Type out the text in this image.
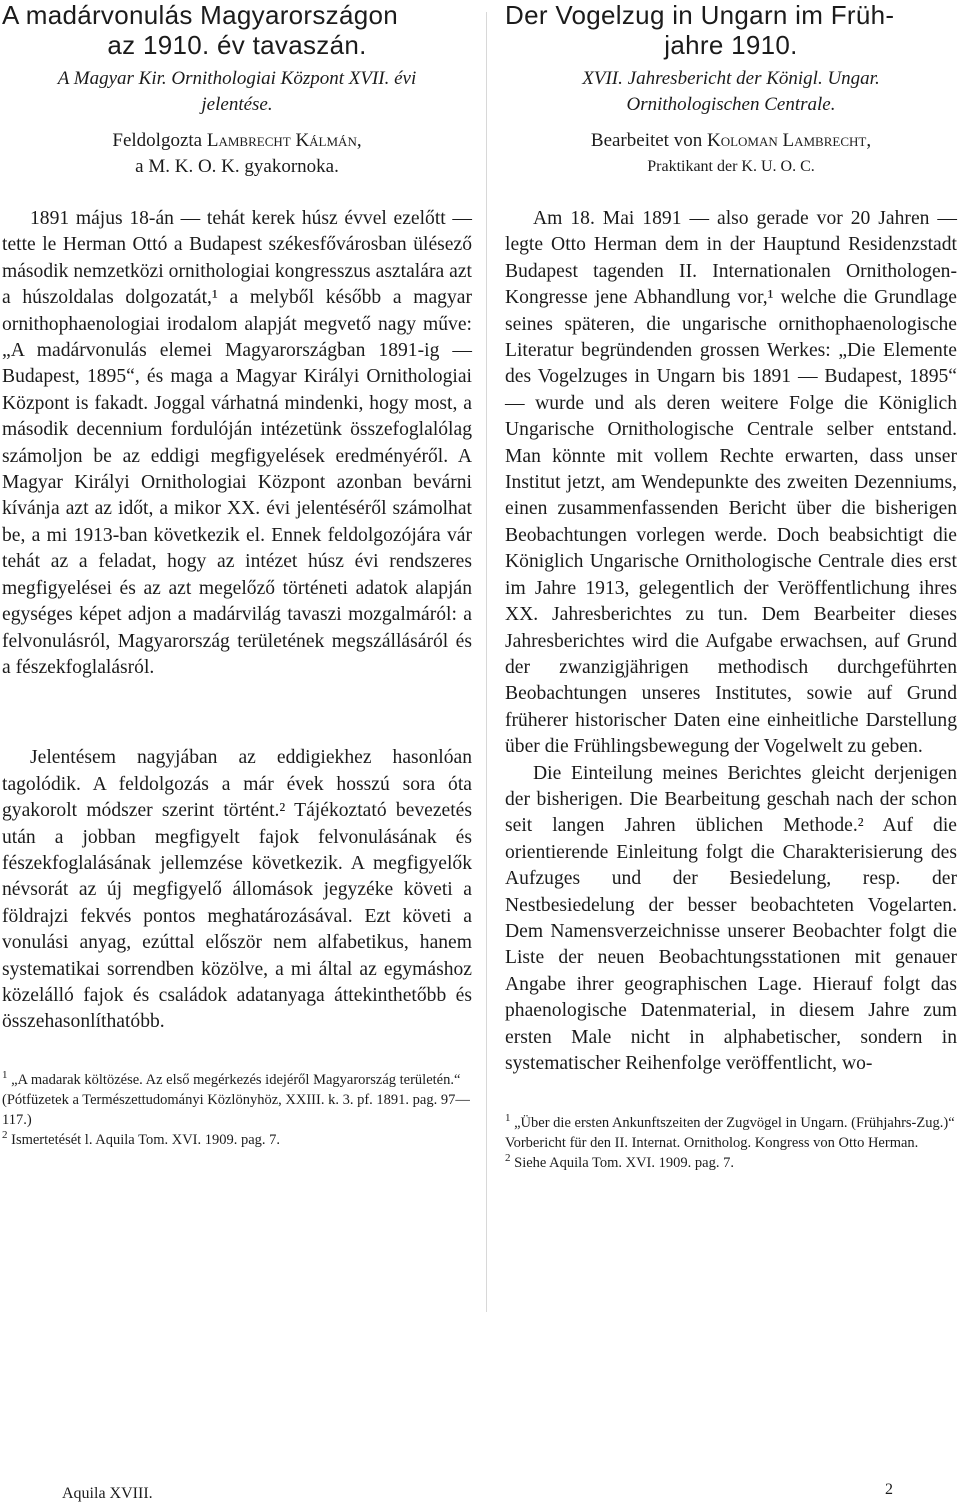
A madárvonulás Magyarországon
az 1910. év tavaszán.
A Magyar Kir. Ornithologiai Központ XVII. évi
jelentése.
Feldolgozta Lambrecht Kálmán,
a M. K. O. K. gyakornoka.

1891 május 18-án — tehát kerek húsz évvel ezelőtt — tette le Herman Ottó a Budapest székesfővárosban ülésező második nemzetközi ornithologiai kongresszus asztalára azt a húszoldalas dolgozatát,¹ a melyből később a magyar ornithophaenologiai irodalom alapját megvető nagy műve: „A madárvonulás elemei Magyarországban 1891-ig — Budapest, 1895“, és maga a Magyar Királyi Ornithologiai Központ is fakadt. Joggal várhatná mindenki, hogy most, a második decennium fordulóján intézetünk összefoglalólag számoljon be az eddigi megfigyelések eredményéről. A Magyar Királyi Ornithologiai Központ azonban bevárni kívánja azt az időt, a mikor XX. évi jelentéséről számolhat be, a mi 1913-ban következik el. Ennek feldolgozójára vár tehát az a feladat, hogy az intézet húsz évi rendszeres megfigyelései és az azt megelőző történeti adatok alapján egységes képet adjon a madárvilág tavaszi mozgalmáról: a felvonulásról, Magyarország területének megszállásáról és a fészekfoglalásról.

Jelentésem nagyjában az eddigiekhez hasonlóan tagolódik. A feldolgozás a már évek hosszú sora óta gyakorolt módszer szerint történt.² Tájékoztató bevezetés után a jobban megfigyelt fajok felvonulásának és fészekfoglalásának jellemzése következik. A megfigyelők névsorát az új megfigyelő állomások jegyzéke követi a földrajzi fekvés pontos meghatározásával. Ezt követi a vonulási anyag, ezúttal először nem alfabetikus, hanem systematikai sorrendben közölve, a mi által az egymáshoz közelálló fajok és családok adatanyaga áttekinthetőbb és összehasonlíthatóbb.

$^1$ „A madarak költözése. Az első megérkezés idejéről Magyarország területén.“ (Pótfüzetek a Természettudományi Közlönyhöz, XXIII. k. 3. pf. 1891. pag. 97—117.)

$^2$ Ismertetését l. Aquila Tom. XVI. 1909. pag. 7.

Der Vogelzug in Ungarn im Früh-
jahre 1910.
XVII. Jahresbericht der Königl. Ungar.
Ornithologischen Centrale.
Bearbeitet von Koloman Lambrecht,
Praktikant der K. U. O. C.

Am 18. Mai 1891 — also gerade vor 20 Jahren — legte Otto Herman dem in der Hauptund Residenzstadt Budapest tagenden II. Internationalen Ornithologen-Kongresse jene Abhandlung vor,¹ welche die Grundlage seines späteren, die ungarische ornithophaenologische Literatur begründenden grossen Werkes: „Die Elemente des Vogelzuges in Ungarn bis 1891 — Budapest, 1895“ — wurde und als deren weitere Folge die Königlich Ungarische Ornithologische Centrale selber entstand. Man könnte mit vollem Rechte erwarten, dass unser Institut jetzt, am Wendepunkte des zweiten Dezenniums, einen zusammenfassenden Bericht über die bisherigen Beobachtungen vorlegen werde. Doch beabsichtigt die Königlich Ungarische Ornithologische Centrale dies erst im Jahre 1913, gelegentlich der Veröffentlichung ihres XX. Jahresberichtes zu tun. Dem Bearbeiter dieses Jahresberichtes wird die Aufgabe erwachsen, auf Grund der zwanzigjährigen methodisch durchgeführten Beobachtungen unseres Institutes, sowie auf Grund früherer historischer Daten eine einheitliche Darstellung über die Frühlingsbewegung der Vogelwelt zu geben.

Die Einteilung meines Berichtes gleicht derjenigen der bisherigen. Die Bearbeitung geschah nach der schon seit langen Jahren üblichen Methode.² Auf die orientierende Einleitung folgt die Charakterisierung des Aufzuges und der Besiedelung, resp. der Nestbesiedelung der besser beobachteten Vogelarten. Dem Namensverzeichnisse unserer Beobachter folgt die Liste der neuen Beobachtungsstationen mit genauer Angabe ihrer geographischen Lage. Hierauf folgt das phaenologische Datenmaterial, in diesem Jahre zum ersten Male nicht in alphabetischer, sondern in systematischer Reihenfolge veröffentlicht, wo-

$^1$ „Über die ersten Ankunftszeiten der Zugvögel in Ungarn. (Frühjahrs-Zug.)“ Vorbericht für den II. Internat. Ornitholog. Kongress von Otto Herman.

$^2$ Siehe Aquila Tom. XVI. 1909. pag. 7.

Aquila XVIII.	2
